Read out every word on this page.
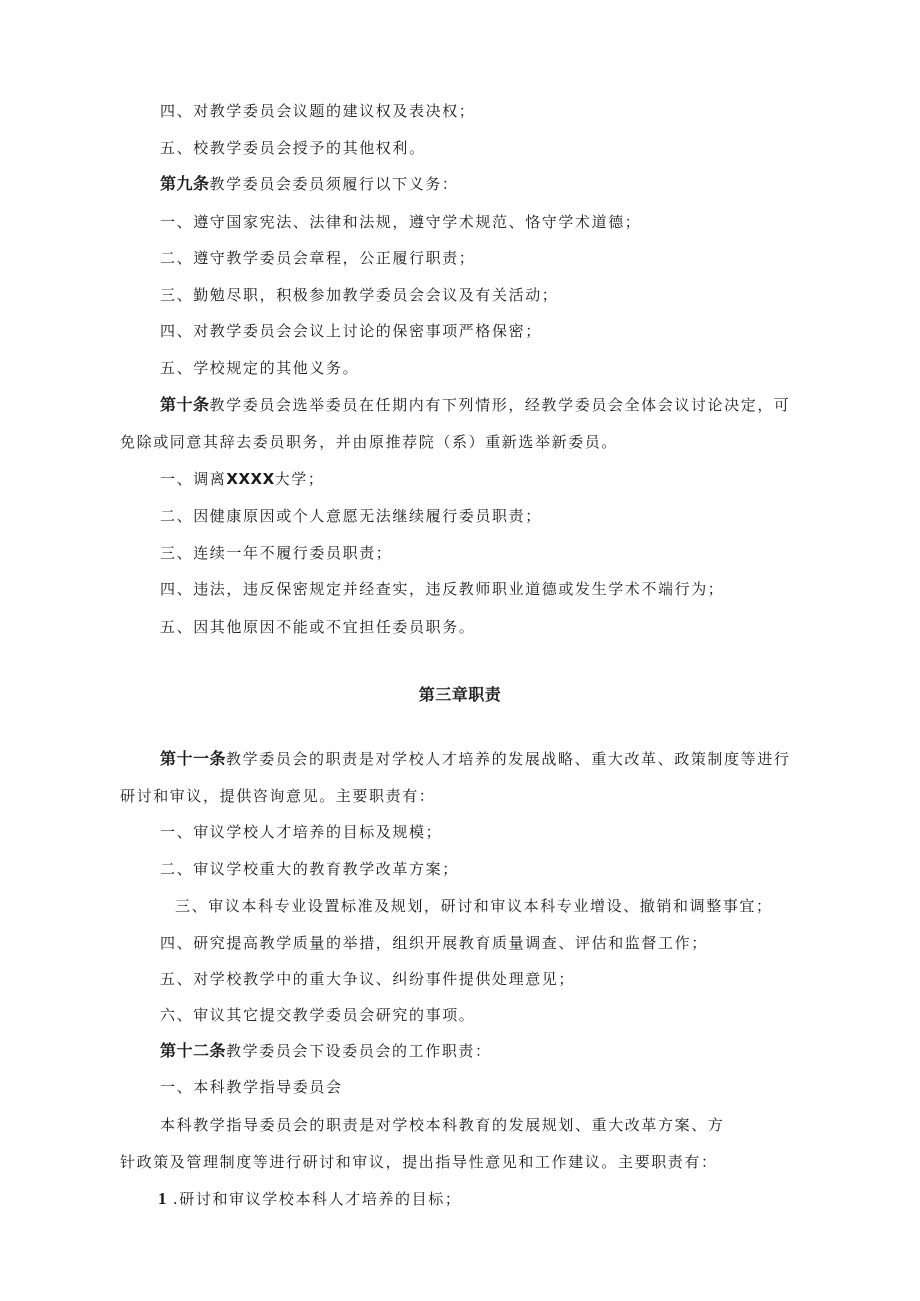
四、对教学委员会议题的建议权及表决权；
五、校教学委员会授予的其他权利。
第九条教学委员会委员须履行以下义务：
一、遵守国家宪法、法律和法规，遵守学术规范、恪守学术道德；
二、遵守教学委员会章程，公正履行职责；
三、勤勉尽职，积极参加教学委员会会议及有关活动；
四、对教学委员会会议上讨论的保密事项严格保密；
五、学校规定的其他义务。
第十条教学委员会选举委员在任期内有下列情形，经教学委员会全体会议讨论决定，可
免除或同意其辞去委员职务，并由原推荐院（系）重新选举新委员。
一、调离XXXX大学；
二、因健康原因或个人意愿无法继续履行委员职责；
三、连续一年不履行委员职责；
四、违法，违反保密规定并经查实，违反教师职业道德或发生学术不端行为；
五、因其他原因不能或不宜担任委员职务。
第三章职责
第十一条教学委员会的职责是对学校人才培养的发展战略、重大改革、政策制度等进行
研讨和审议，提供咨询意见。主要职责有：
一、审议学校人才培养的目标及规模；
二、审议学校重大的教育教学改革方案；
三、审议本科专业设置标准及规划，研讨和审议本科专业增设、撤销和调整事宜；
四、研究提高教学质量的举措，组织开展教育质量调查、评估和监督工作；
五、对学校教学中的重大争议、纠纷事件提供处理意见；
六、审议其它提交教学委员会研究的事项。
第十二条教学委员会下设委员会的工作职责：
一、本科教学指导委员会
本科教学指导委员会的职责是对学校本科教育的发展规划、重大改革方案、方
针政策及管理制度等进行研讨和审议，提出指导性意见和工作建议。主要职责有：
1 .研讨和审议学校本科人才培养的目标；
